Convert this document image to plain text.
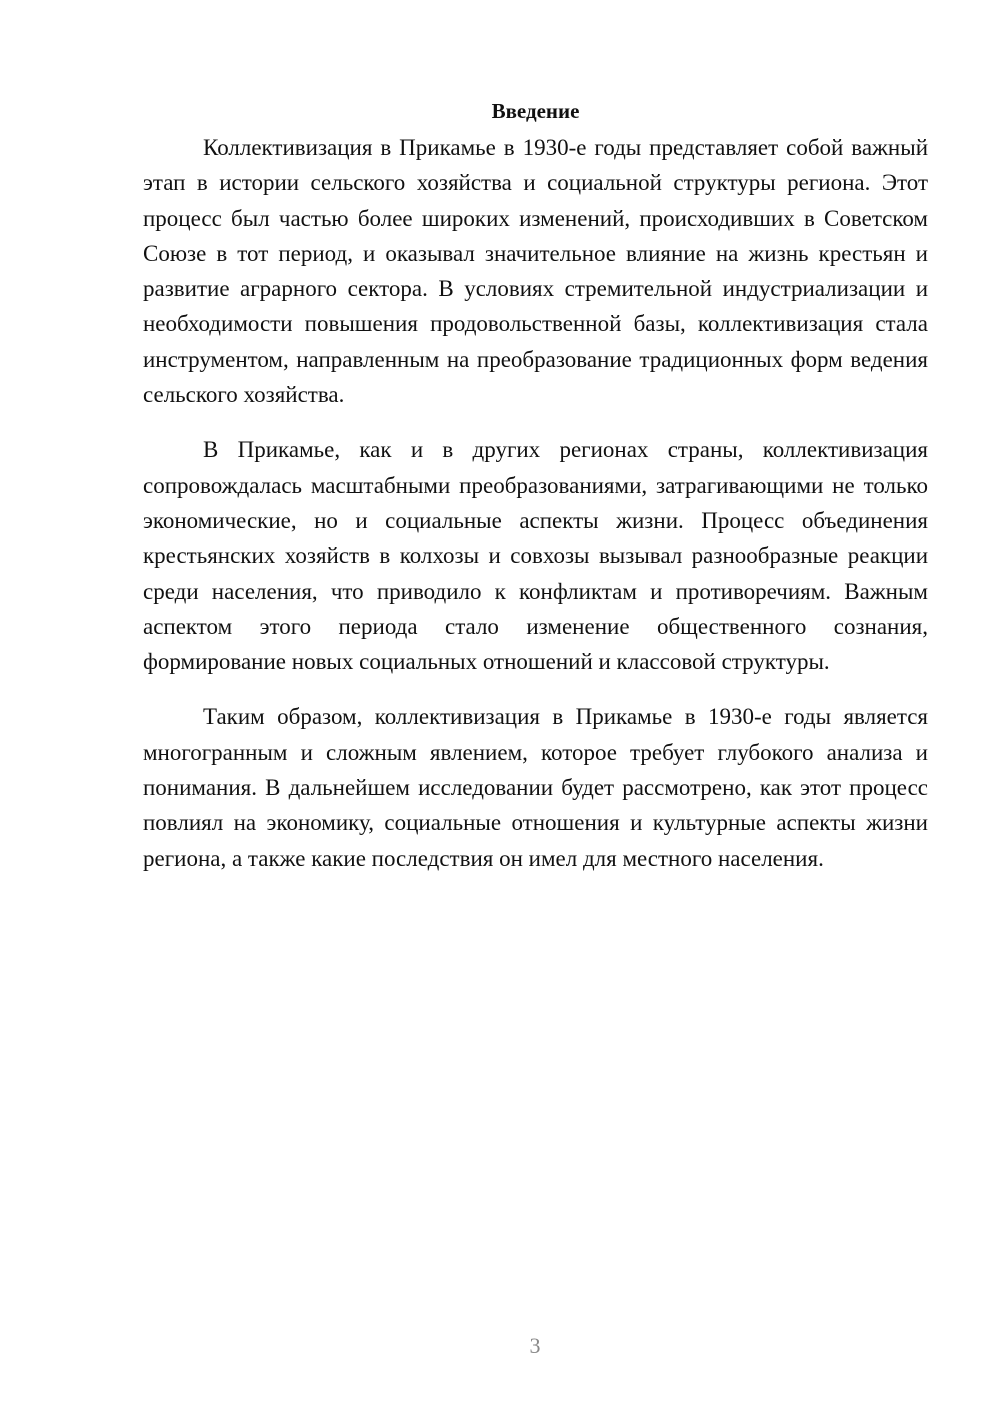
Введение

Коллективизация в Прикамье в 1930-е годы представляет собой важный этап в истории сельского хозяйства и социальной структуры региона. Этот процесс был частью более широких изменений, происходивших в Советском Союзе в тот период, и оказывал значительное влияние на жизнь крестьян и развитие аграрного сектора. В условиях стремительной индустриализации и необходимости повышения продовольственной базы, коллективизация стала инструментом, направленным на преобразование традиционных форм ведения сельского хозяйства.

В Прикамье, как и в других регионах страны, коллективизация сопровождалась масштабными преобразованиями, затрагивающими не только экономические, но и социальные аспекты жизни. Процесс объединения крестьянских хозяйств в колхозы и совхозы вызывал разнообразные реакции среди населения, что приводило к конфликтам и противоречиям. Важным аспектом этого периода стало изменение общественного сознания, формирование новых социальных отношений и классовой структуры.

Таким образом, коллективизация в Прикамье в 1930-е годы является многогранным и сложным явлением, которое требует глубокого анализа и понимания. В дальнейшем исследовании будет рассмотрено, как этот процесс повлиял на экономику, социальные отношения и культурные аспекты жизни региона, а также какие последствия он имел для местного населения.

3
